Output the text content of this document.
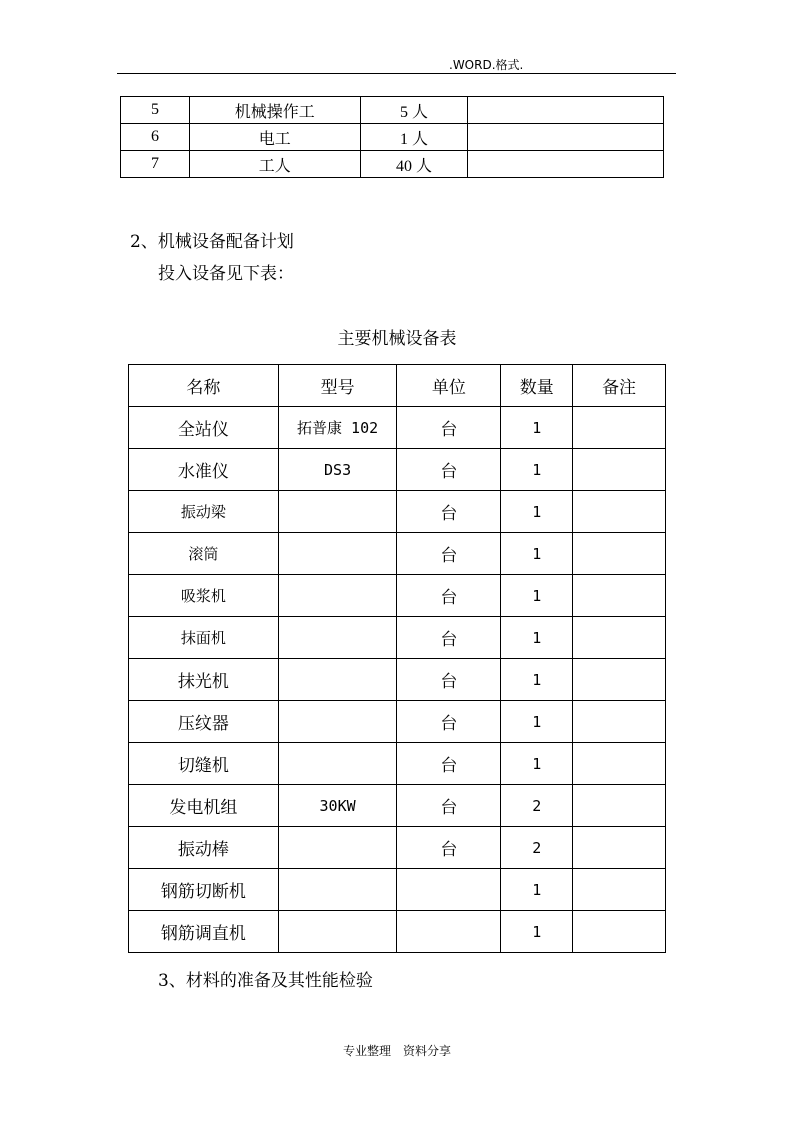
.WORD.格式.
5	机械操作工	5 人	
6	电工	1 人	
7	工人	40 人	
2、机械设备配备计划
投入设备见下表：
主要机械设备表
名称	型号	单位	数量	备注
全站仪	拓普康 102	台	1	
水准仪	DS3	台	1	
振动梁		台	1	
滚筒		台	1	
吸浆机		台	1	
抹面机		台	1	
抹光机		台	1	
压纹器		台	1	
切缝机		台	1	
发电机组	30KW	台	2	
振动棒		台	2	
钢筋切断机			1	
钢筋调直机			1	
3、材料的准备及其性能检验
专业整理 资料分享
